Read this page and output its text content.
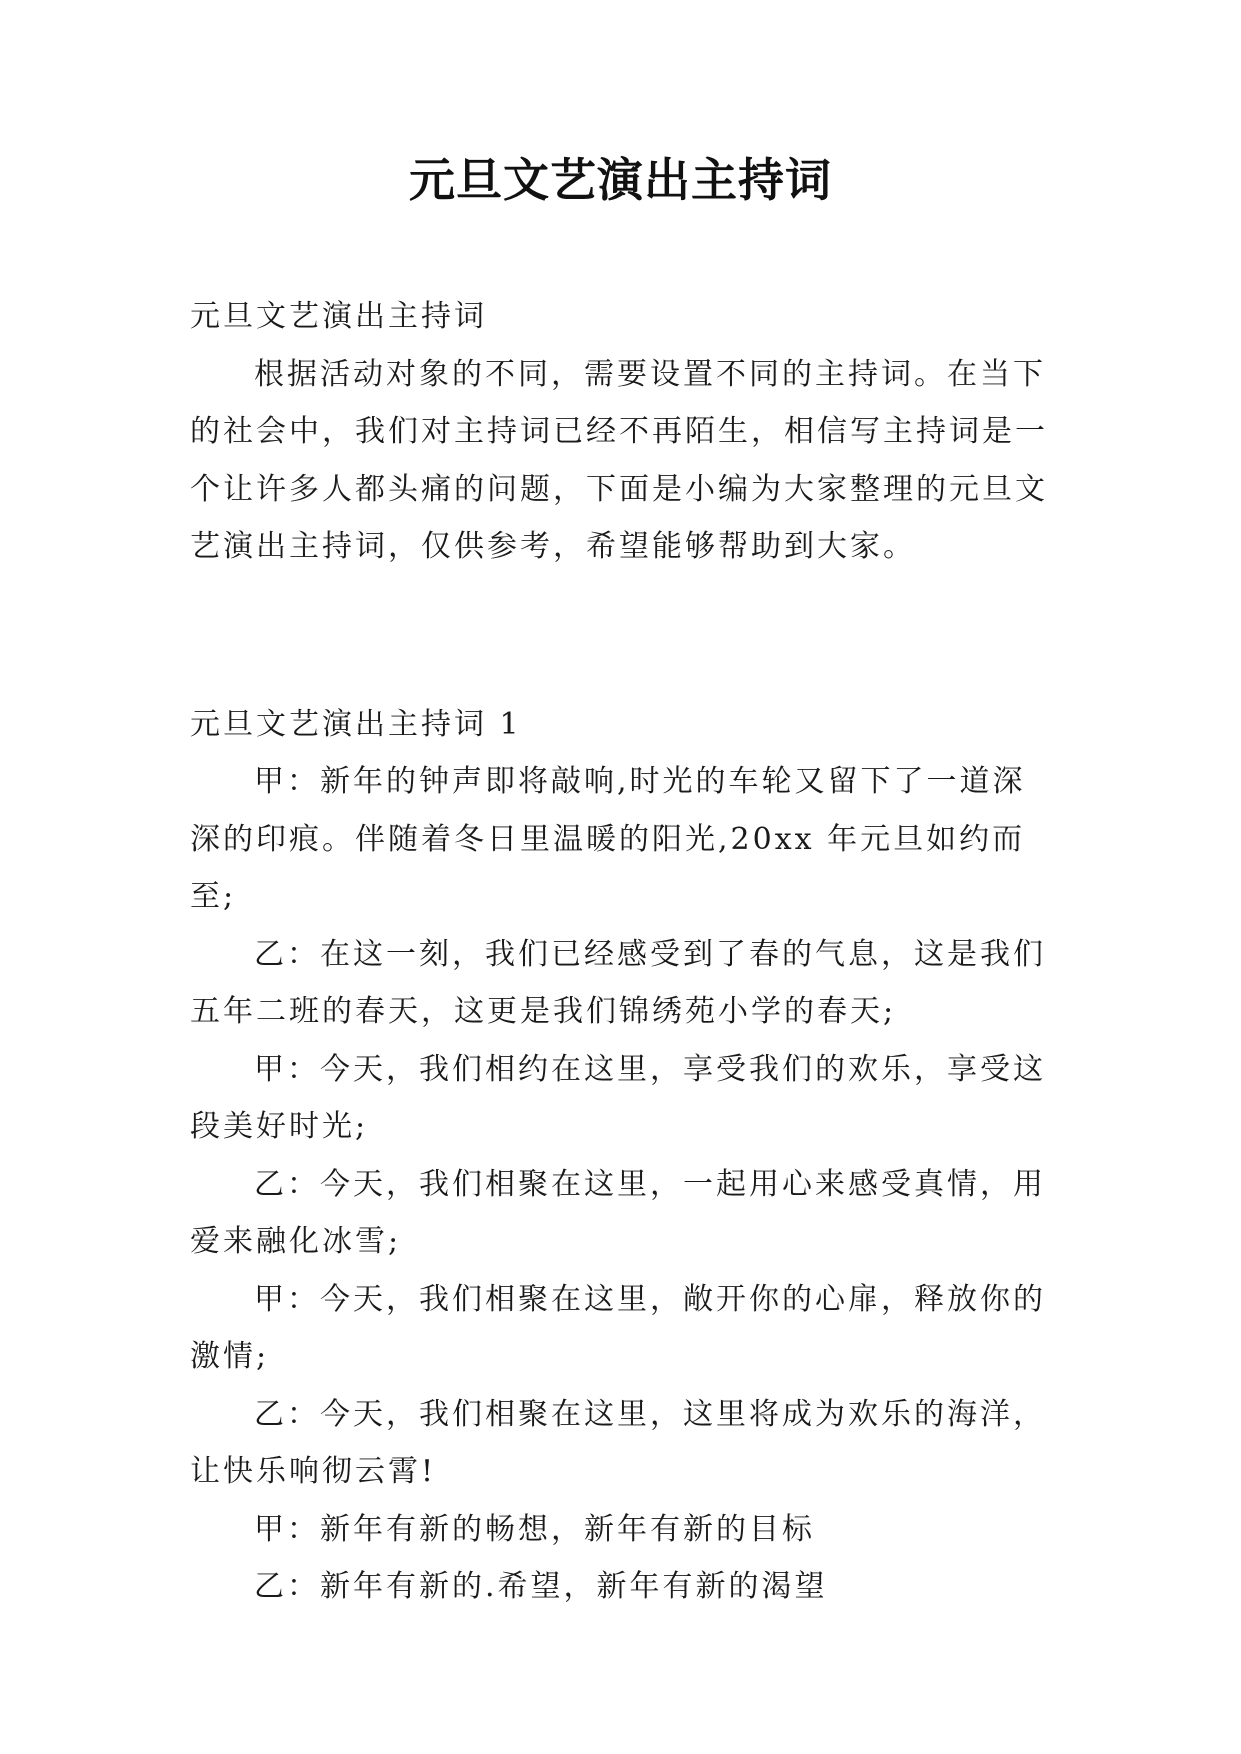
元旦文艺演出主持词

元旦文艺演出主持词

根据活动对象的不同，需要设置不同的主持词。在当下的社会中，我们对主持词已经不再陌生，相信写主持词是一个让许多人都头痛的问题，下面是小编为大家整理的元旦文艺演出主持词，仅供参考，希望能够帮助到大家。

元旦文艺演出主持词 1

甲：新年的钟声即将敲响,时光的车轮又留下了一道深深的印痕。伴随着冬日里温暖的阳光,20xx 年元旦如约而至;

乙：在这一刻，我们已经感受到了春的气息，这是我们五年二班的春天，这更是我们锦绣苑小学的春天;

甲：今天，我们相约在这里，享受我们的欢乐，享受这段美好时光;

乙：今天，我们相聚在这里，一起用心来感受真情，用爱来融化冰雪;

甲：今天，我们相聚在这里，敞开你的心扉，释放你的激情;

乙：今天，我们相聚在这里，这里将成为欢乐的海洋，让快乐响彻云霄!

甲：新年有新的畅想，新年有新的目标

乙：新年有新的.希望，新年有新的渴望
